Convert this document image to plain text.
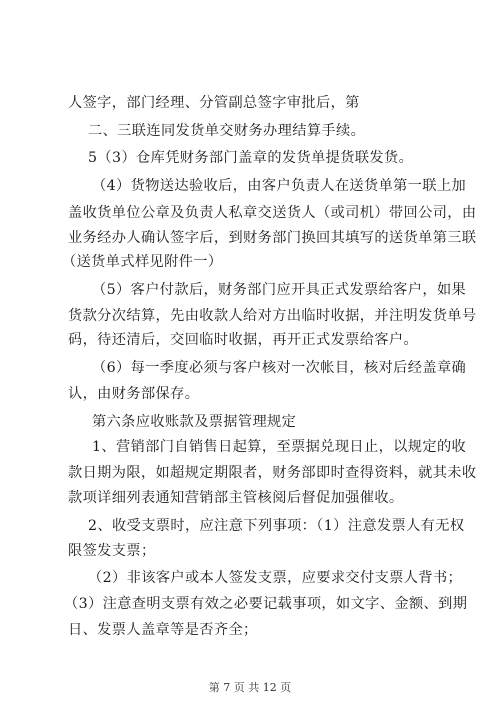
人签字，部门经理、分管副总签字审批后，第
二、三联连同发货单交财务办理结算手续。
5（3）仓库凭财务部门盖章的发货单提货联发货。
（4）货物送达验收后，由客户负责人在送货单第一联上加
盖收货单位公章及负责人私章交送货人（或司机）带回公司，由
业务经办人确认签字后，到财务部门换回其填写的送货单第三联
（送货单式样见附件一）
（5）客户付款后，财务部门应开具正式发票给客户，如果
货款分次结算，先由收款人给对方出临时收据，并注明发货单号
码，待还清后，交回临时收据，再开正式发票给客户。
（6）每一季度必须与客户核对一次帐目，核对后经盖章确
认，由财务部保存。
第六条应收账款及票据管理规定
1、营销部门自销售日起算，至票据兑现日止，以规定的收
款日期为限，如超规定期限者，财务部即时查得资料，就其未收
款项详细列表通知营销部主管核阅后督促加强催收。
2、收受支票时，应注意下列事项：（1）注意发票人有无权
限签发支票；
（2）非该客户或本人签发支票，应要求交付支票人背书；
（3）注意查明支票有效之必要记载事项，如文字、金额、到期
日、发票人盖章等是否齐全；
第 7 页 共 12 页
